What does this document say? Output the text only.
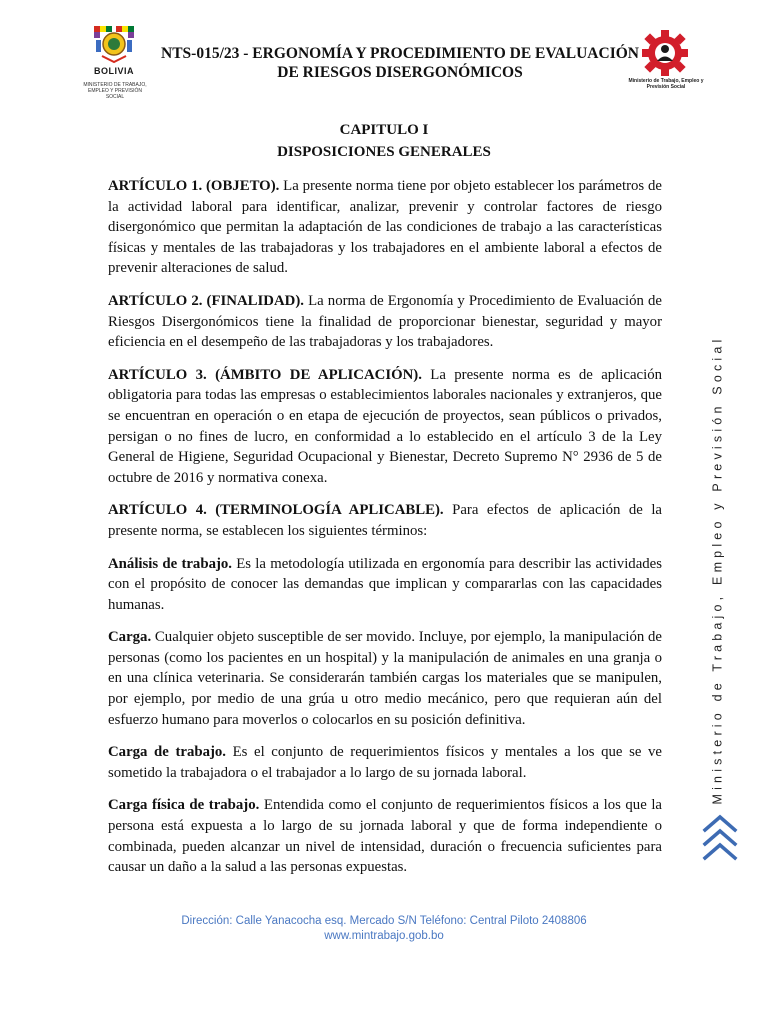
BOLIVIA
MINISTERIO DE TRABAJO, EMPLEO Y PREVISIÓN SOCIAL
NTS-015/23 - ERGONOMÍA Y PROCEDIMIENTO DE EVALUACIÓN
DE RIESGOS DISERGONÓMICOS	Ministerio de Trabajo, Empleo y Previsión Social
CAPITULO I
DISPOSICIONES GENERALES

ARTÍCULO 1. (OBJETO). La presente norma tiene por objeto establecer los parámetros de la actividad laboral para identificar, analizar, prevenir y controlar factores de riesgo disergonómico que permitan la adaptación de las condiciones de trabajo a las características físicas y mentales de las trabajadoras y los trabajadores en el ambiente laboral a efectos de prevenir alteraciones de salud.

ARTÍCULO 2. (FINALIDAD). La norma de Ergonomía y Procedimiento de Evaluación de Riesgos Disergonómicos tiene la finalidad de proporcionar bienestar, seguridad y mayor eficiencia en el desempeño de las trabajadoras y los trabajadores.

ARTÍCULO 3. (ÁMBITO DE APLICACIÓN). La presente norma es de aplicación obligatoria para todas las empresas o establecimientos laborales nacionales y extranjeros, que se encuentran en operación o en etapa de ejecución de proyectos, sean públicos o privados, persigan o no fines de lucro, en conformidad a lo establecido en el artículo 3 de la Ley General de Higiene, Seguridad Ocupacional y Bienestar, Decreto Supremo N° 2936 de 5 de octubre de 2016 y normativa conexa.

ARTÍCULO 4. (TERMINOLOGÍA APLICABLE). Para efectos de aplicación de la presente norma, se establecen los siguientes términos:

Análisis de trabajo. Es la metodología utilizada en ergonomía para describir las actividades con el propósito de conocer las demandas que implican y compararlas con las capacidades humanas.

Carga. Cualquier objeto susceptible de ser movido. Incluye, por ejemplo, la manipulación de personas (como los pacientes en un hospital) y la manipulación de animales en una granja o en una clínica veterinaria. Se considerarán también cargas los materiales que se manipulen, por ejemplo, por medio de una grúa u otro medio mecánico, pero que requieran aún del esfuerzo humano para moverlos o colocarlos en su posición definitiva.

Carga de trabajo. Es el conjunto de requerimientos físicos y mentales a los que se ve sometido la trabajadora o el trabajador a lo largo de su jornada laboral.

Carga física de trabajo. Entendida como el conjunto de requerimientos físicos a los que la persona está expuesta a lo largo de su jornada laboral y que de forma independiente o combinada, pueden alcanzar un nivel de intensidad, duración o frecuencia suficientes para causar un daño a la salud a las personas expuestas.

Ministerio de Trabajo, Empleo y Previsión Social
Dirección: Calle Yanacocha esq. Mercado S/N Teléfono: Central Piloto 2408806
www.mintrabajo.gob.bo
